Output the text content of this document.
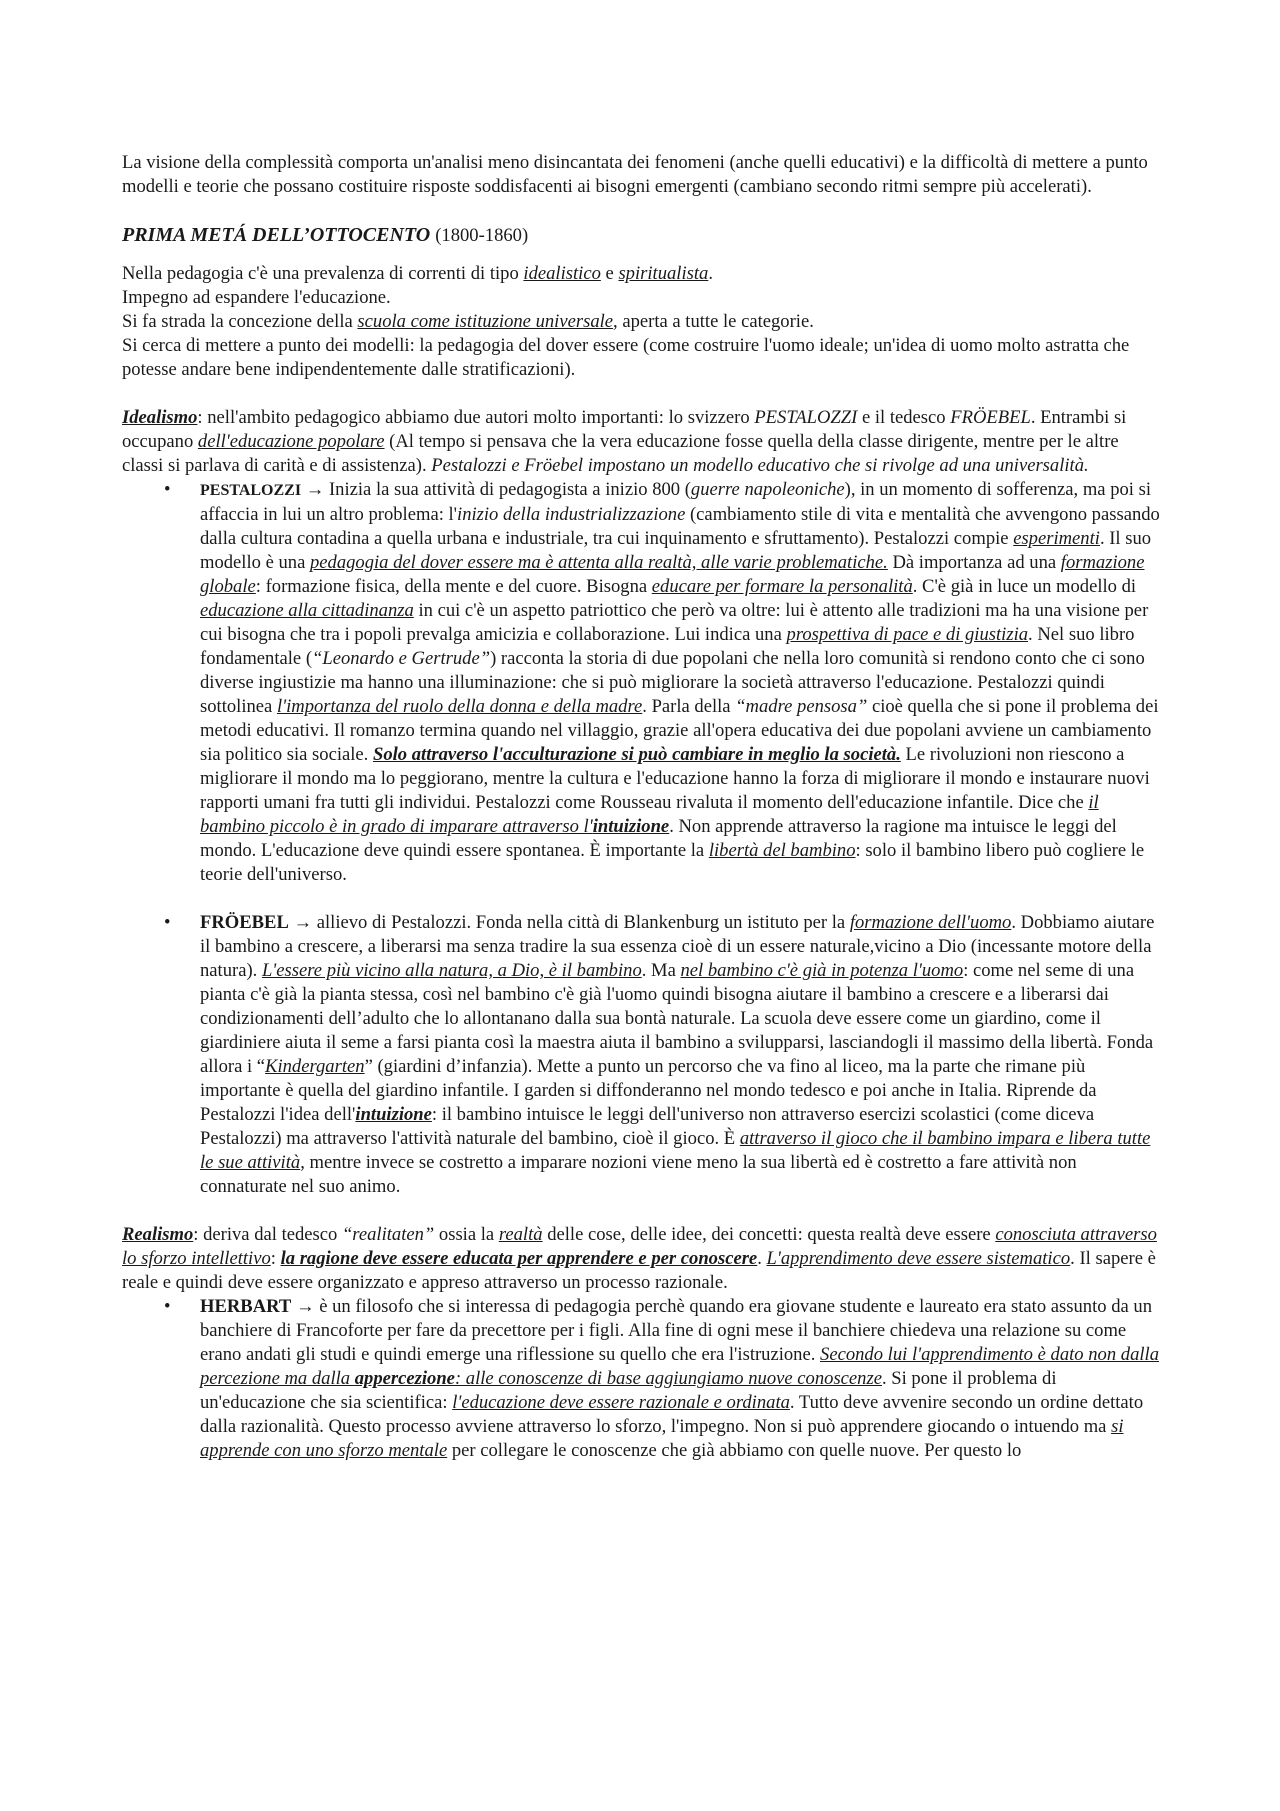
La visione della complessità comporta un'analisi meno disincantata dei fenomeni (anche quelli educativi) e la difficoltà di mettere a punto modelli e teorie che possano costituire risposte soddisfacenti ai bisogni emergenti (cambiano secondo ritmi sempre più accelerati).

PRIMA METÁ DELL’OTTOCENTO (1800-1860)

Nella pedagogia c'è una prevalenza di correnti di tipo idealistico e spiritualista.
Impegno ad espandere l'educazione.
Si fa strada la concezione della scuola come istituzione universale, aperta a tutte le categorie.
Si cerca di mettere a punto dei modelli: la pedagogia del dover essere (come costruire l'uomo ideale; un'idea di uomo molto astratta che potesse andare bene indipendentemente dalle stratificazioni).

Idealismo: nell'ambito pedagogico abbiamo due autori molto importanti: lo svizzero PESTALOZZI e il tedesco FRÖEBEL. Entrambi si occupano dell'educazione popolare (Al tempo si pensava che la vera educazione fosse quella della classe dirigente, mentre per le altre classi si parlava di carità e di assistenza). Pestalozzi e Fröebel impostano un modello educativo che si rivolge ad una universalità.

• PESTALOZZI → Inizia la sua attività di pedagogista a inizio 800 (guerre napoleoniche), in un momento di sofferenza, ma poi si affaccia in lui un altro problema: l'inizio della industrializzazione (cambiamento stile di vita e mentalità che avvengono passando dalla cultura contadina a quella urbana e industriale, tra cui inquinamento e sfruttamento). Pestalozzi compie esperimenti. Il suo modello è una pedagogia del dover essere ma è attenta alla realtà, alle varie problematiche. Dà importanza ad una formazione globale: formazione fisica, della mente e del cuore. Bisogna educare per formare la personalità. C'è già in luce un modello di educazione alla cittadinanza in cui c'è un aspetto patriottico che però va oltre: lui è attento alle tradizioni ma ha una visione per cui bisogna che tra i popoli prevalga amicizia e collaborazione. Lui indica una prospettiva di pace e di giustizia. Nel suo libro fondamentale (“Leonardo e Gertrude”) racconta la storia di due popolani che nella loro comunità si rendono conto che ci sono diverse ingiustizie ma hanno una illuminazione: che si può migliorare la società attraverso l'educazione. Pestalozzi quindi sottolinea l'importanza del ruolo della donna e della madre. Parla della “madre pensosa” cioè quella che si pone il problema dei metodi educativi. Il romanzo termina quando nel villaggio, grazie all'opera educativa dei due popolani avviene un cambiamento sia politico sia sociale. Solo attraverso l'acculturazione si può cambiare in meglio la società. Le rivoluzioni non riescono a migliorare il mondo ma lo peggiorano, mentre la cultura e l'educazione hanno la forza di migliorare il mondo e instaurare nuovi rapporti umani fra tutti gli individui. Pestalozzi come Rousseau rivaluta il momento dell'educazione infantile. Dice che il bambino piccolo è in grado di imparare attraverso l'intuizione. Non apprende attraverso la ragione ma intuisce le leggi del mondo. L'educazione deve quindi essere spontanea. È importante la libertà del bambino: solo il bambino libero può cogliere le teorie dell'universo.
• FRÖEBEL → allievo di Pestalozzi. Fonda nella città di Blankenburg un istituto per la formazione dell'uomo. Dobbiamo aiutare il bambino a crescere, a liberarsi ma senza tradire la sua essenza cioè di un essere naturale,vicino a Dio (incessante motore della natura). L'essere più vicino alla natura, a Dio, è il bambino. Ma nel bambino c'è già in potenza l'uomo: come nel seme di una pianta c'è già la pianta stessa, così nel bambino c'è già l'uomo quindi bisogna aiutare il bambino a crescere e a liberarsi dai condizionamenti dell’adulto che lo allontanano dalla sua bontà naturale. La scuola deve essere come un giardino, come il giardiniere aiuta il seme a farsi pianta così la maestra aiuta il bambino a svilupparsi, lasciandogli il massimo della libertà. Fonda allora i “Kindergarten” (giardini d’infanzia). Mette a punto un percorso che va fino al liceo, ma la parte che rimane più importante è quella del giardino infantile. I garden si diffonderanno nel mondo tedesco e poi anche in Italia. Riprende da Pestalozzi l'idea dell'intuizione: il bambino intuisce le leggi dell'universo non attraverso esercizi scolastici (come diceva Pestalozzi) ma attraverso l'attività naturale del bambino, cioè il gioco. È attraverso il gioco che il bambino impara e libera tutte le sue attività, mentre invece se costretto a imparare nozioni viene meno la sua libertà ed è costretto a fare attività non connaturate nel suo animo.

Realismo: deriva dal tedesco “realitaten” ossia la realtà delle cose, delle idee, dei concetti: questa realtà deve essere conosciuta attraverso lo sforzo intellettivo: la ragione deve essere educata per apprendere e per conoscere. L'apprendimento deve essere sistematico. Il sapere è reale e quindi deve essere organizzato e appreso attraverso un processo razionale.

• HERBART → è un filosofo che si interessa di pedagogia perchè quando era giovane studente e laureato era stato assunto da un banchiere di Francoforte per fare da precettore per i figli. Alla fine di ogni mese il banchiere chiedeva una relazione su come erano andati gli studi e quindi emerge una riflessione su quello che era l'istruzione. Secondo lui l'apprendimento è dato non dalla percezione ma dalla appercezione: alle conoscenze di base aggiungiamo nuove conoscenze. Si pone il problema di un'educazione che sia scientifica: l'educazione deve essere razionale e ordinata. Tutto deve avvenire secondo un ordine dettato dalla razionalità. Questo processo avviene attraverso lo sforzo, l'impegno. Non si può apprendere giocando o intuendo ma si apprende con uno sforzo mentale per collegare le conoscenze che già abbiamo con quelle nuove. Per questo lo
